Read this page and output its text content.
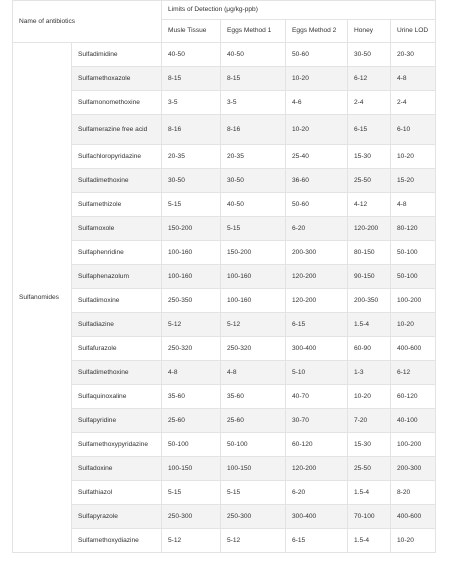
Name of antibiotics		Limits of Detection (μg/kg-ppb)				
		Musle Tissue	Eggs Method 1	Eggs Method 2	Honey	Urine LOD
Sulfanomides	Sulfadimidine	40-50	40-50	50-60	30-50	20-30
	Sulfamethoxazole	8-15	8-15	10-20	6-12	4-8
	Sulfamonomethoxine	3-5	3-5	4-6	2-4	2-4
	Sulfamerazine free acid	8-16	8-16	10-20	6-15	6-10
	Sulfachloropyridazine	20-35	20-35	25-40	15-30	10-20
	Sulfadimethoxine	30-50	30-50	36-60	25-50	15-20
	Sulfamethizole	5-15	40-50	50-60	4-12	4-8
	Sulfamoxole	150-200	5-15	6-20	120-200	80-120
	Sulfaphenridine	100-160	150-200	200-300	80-150	50-100
	Sulfaphenazolum	100-160	100-160	120-200	90-150	50-100
	Sulfadimoxine	250-350	100-160	120-200	200-350	100-200
	Sulfadiazine	5-12	5-12	6-15	1.5-4	10-20
	Sulfafurazole	250-320	250-320	300-400	60-90	400-600
	Sulfadimethoxine	4-8	4-8	5-10	1-3	6-12
	Sulfaquinoxaline	35-60	35-60	40-70	10-20	60-120
	Sulfapyridine	25-60	25-60	30-70	7-20	40-100
	Sulfamethoxypyridazine	50-100	50-100	60-120	15-30	100-200
	Sulfadoxine	100-150	100-150	120-200	25-50	200-300
	Sulfathiazol	5-15	5-15	6-20	1.5-4	8-20
	Sulfapyrazole	250-300	250-300	300-400	70-100	400-600
	Sulfamethoxydiazine	5-12	5-12	6-15	1.5-4	10-20
